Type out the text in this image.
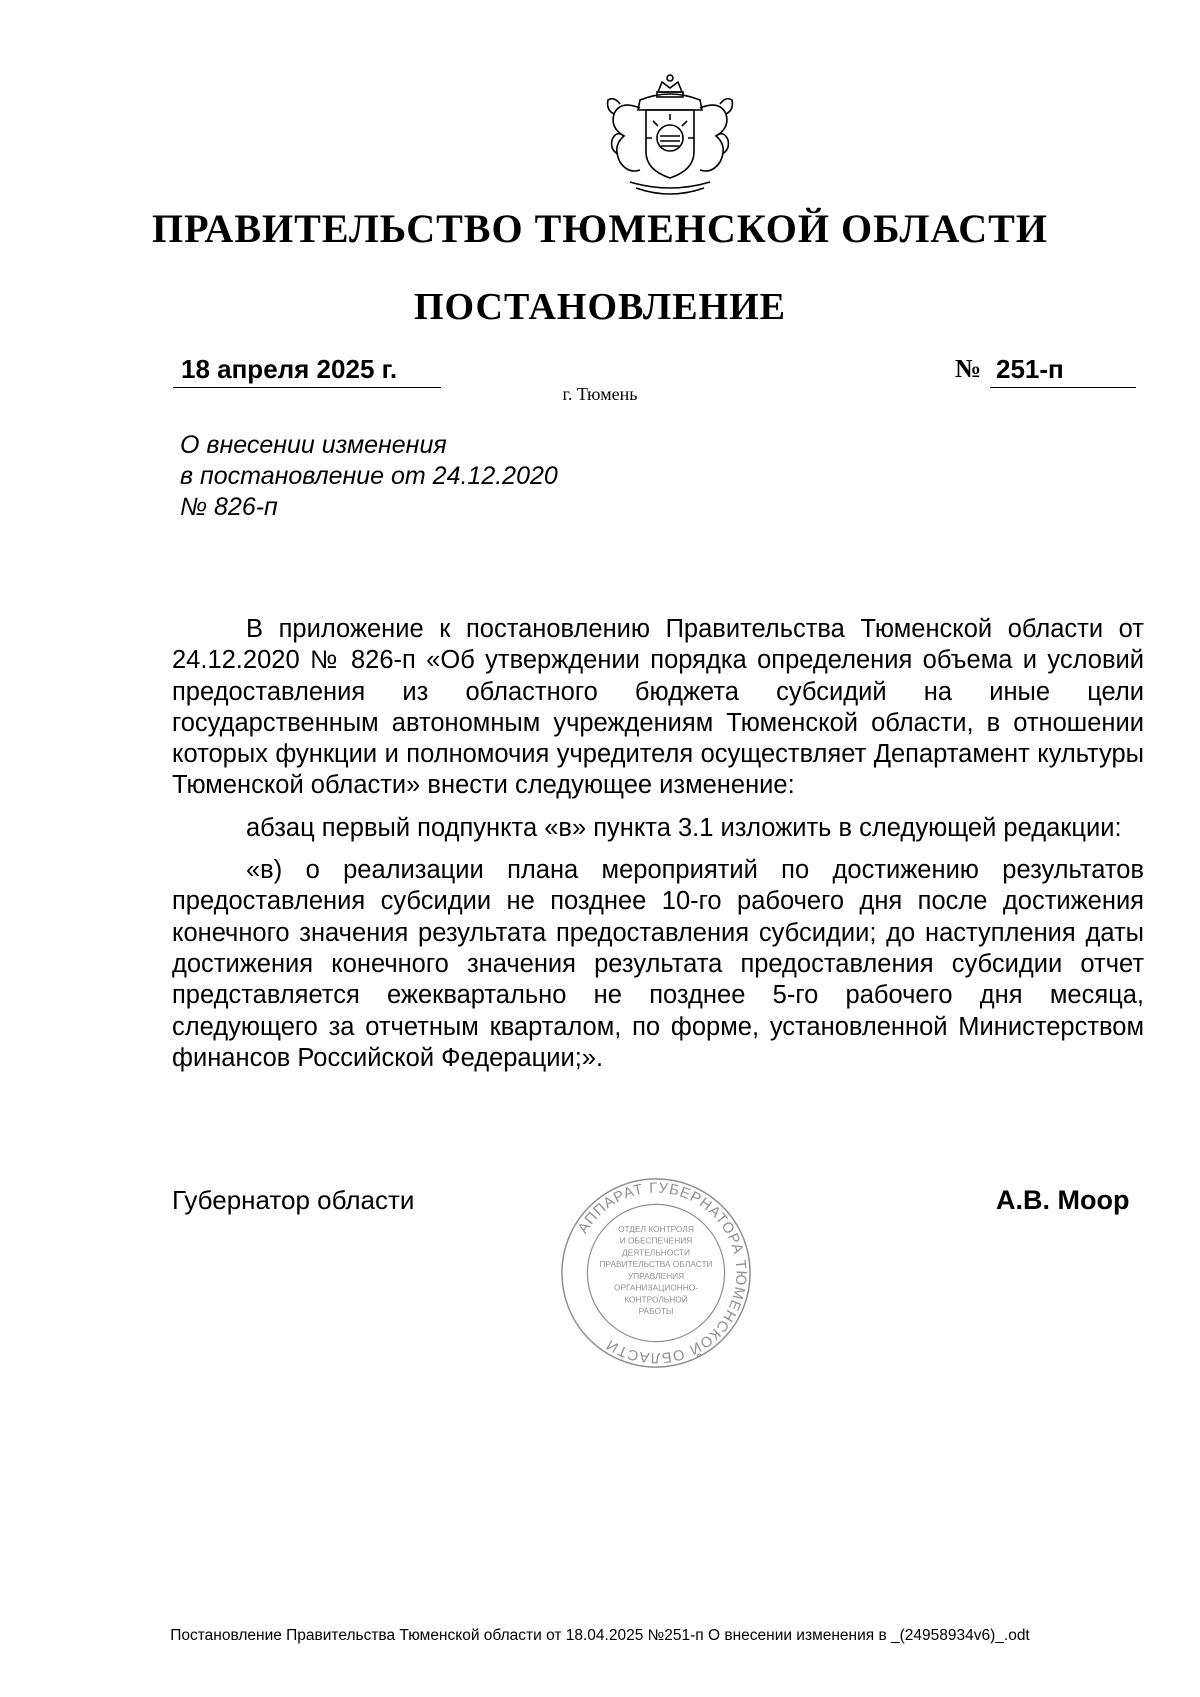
ПРАВИТЕЛЬСТВО ТЮМЕНСКОЙ ОБЛАСТИ
ПОСТАНОВЛЕНИЕ
18 апреля 2025 г.	№ 251-п
г. Тюмень
О внесении изменения
в постановление от 24.12.2020
№ 826-п

В приложение к постановлению Правительства Тюменской области от 24.12.2020 № 826-п «Об утверждении порядка определения объема и условий предоставления из областного бюджета субсидий на иные цели государственным автономным учреждениям Тюменской области, в отношении которых функции и полномочия учредителя осуществляет Департамент культуры Тюменской области» внести следующее изменение:

абзац первый подпункта «в» пункта 3.1 изложить в следующей редакции:

«в) о реализации плана мероприятий по достижению результатов предоставления субсидии не позднее 10-го рабочего дня после достижения конечного значения результата предоставления субсидии; до наступления даты достижения конечного значения результата предоставления субсидии отчет представляется ежеквартально не позднее 5-го рабочего дня месяца, следующего за отчетным кварталом, по форме, установленной Министерством финансов Российской Федерации;».

Губернатор области	А.В. Моор
АППАРАТ ГУБЕРНАТОРА ТЮМЕНСКОЙ ОБЛАСТИ
ОТДЕЛ КОНТРОЛЯ
И ОБЕСПЕЧЕНИЯ
ДЕЯТЕЛЬНОСТИ
ПРАВИТЕЛЬСТВА ОБЛАСТИ
УПРАВЛЕНИЯ
ОРГАНИЗАЦИОННО-
КОНТРОЛЬНОЙ
РАБОТЫ
Постановление Правительства Тюменской области от 18.04.2025 №251-п О внесении изменения в _(24958934v6)_.odt
